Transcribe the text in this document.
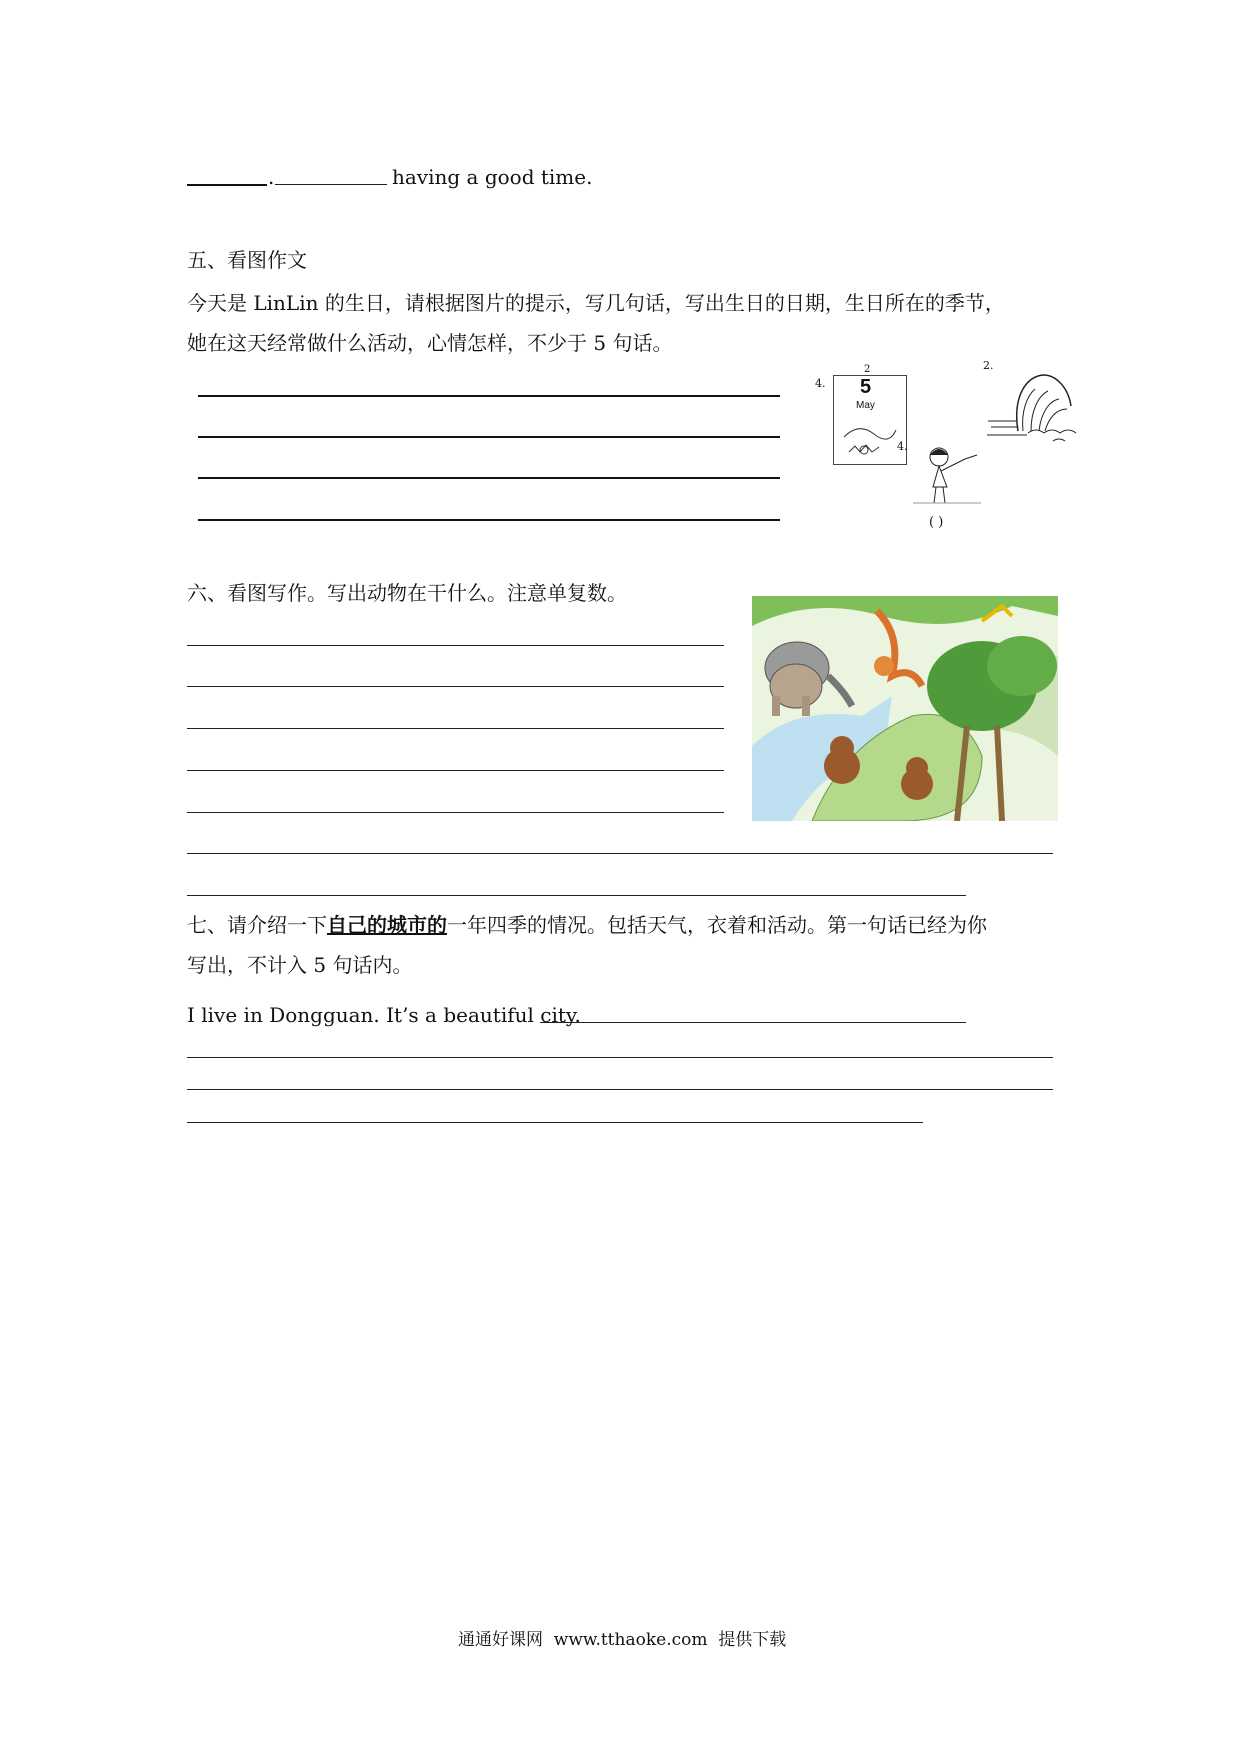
.	having a good time.
五、看图作文
今天是 LinLin 的生日，请根据图片的提示，写几句话，写出生日的日期，生日所在的季节，
她在这天经常做什么活动，心情怎样，不少于 5 句话。
4.
2
5
May
2.
4.
( )
六、看图写作。写出动物在干什么。注意单复数。
七、请介绍一下自己的城市的一年四季的情况。包括天气，衣着和活动。第一句话已经为你
写出，不计入 5 句话内。
I live in Dongguan. It’s a beautiful city.
通通好课网  www.tthaoke.com  提供下载
